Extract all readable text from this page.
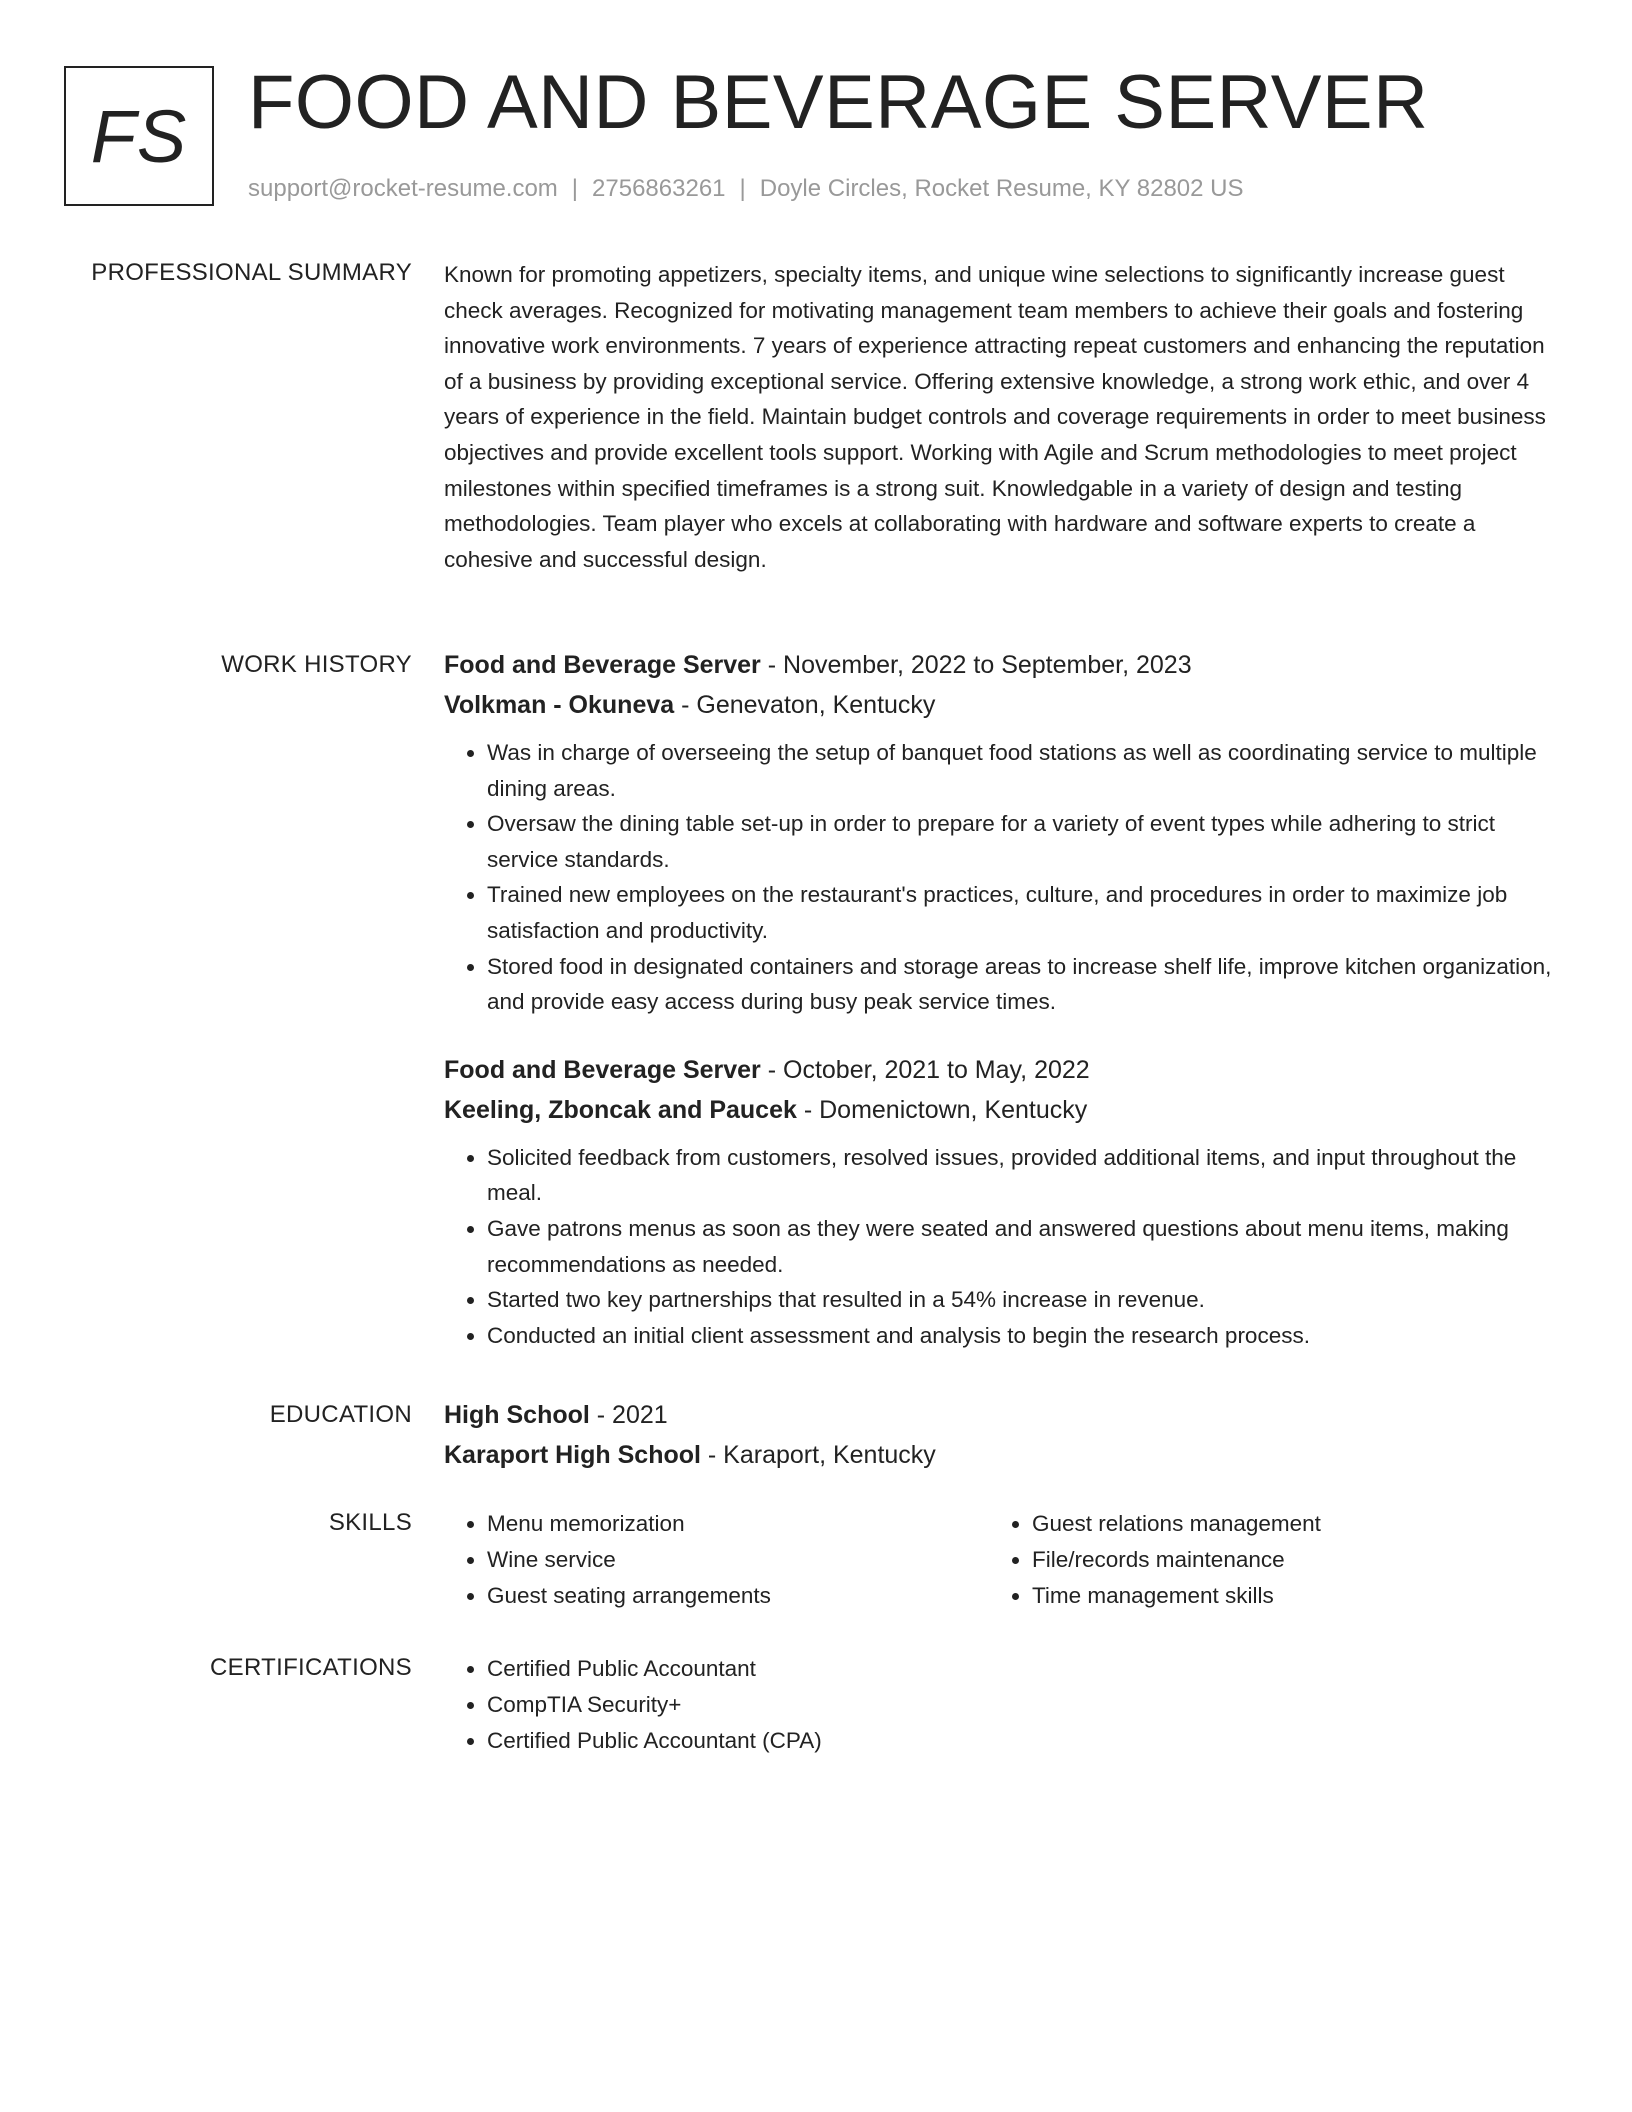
FS FOOD AND BEVERAGE SERVER
support@rocket-resume.com | 2756863261 | Doyle Circles, Rocket Resume, KY 82802 US
PROFESSIONAL SUMMARY Known for promoting appetizers, specialty items, and unique wine selections to significantly increase guest check averages. Recognized for motivating management team members to achieve their goals and fostering innovative work environments. 7 years of experience attracting repeat customers and enhancing the reputation of a business by providing exceptional service. Offering extensive knowledge, a strong work ethic, and over 4 years of experience in the field. Maintain budget controls and coverage requirements in order to meet business objectives and provide excellent tools support. Working with Agile and Scrum methodologies to meet project milestones within specified timeframes is a strong suit. Knowledgable in a variety of design and testing methodologies. Team player who excels at collaborating with hardware and software experts to create a cohesive and successful design.

WORK HISTORY Food and Beverage Server - November, 2022 to September, 2023
Volkman - Okuneva - Genevaton, Kentucky
• Was in charge of overseeing the setup of banquet food stations as well as coordinating service to multiple dining areas.
• Oversaw the dining table set-up in order to prepare for a variety of event types while adhering to strict service standards.
• Trained new employees on the restaurant's practices, culture, and procedures in order to maximize job satisfaction and productivity.
• Stored food in designated containers and storage areas to increase shelf life, improve kitchen organization, and provide easy access during busy peak service times.
Food and Beverage Server - October, 2021 to May, 2022
Keeling, Zboncak and Paucek - Domenictown, Kentucky
• Solicited feedback from customers, resolved issues, provided additional items, and input throughout the meal.
• Gave patrons menus as soon as they were seated and answered questions about menu items, making recommendations as needed.
• Started two key partnerships that resulted in a 54% increase in revenue.
• Conducted an initial client assessment and analysis to begin the research process.
EDUCATION High School - 2021
Karaport High School - Karaport, Kentucky
SKILLS	• Menu memorization
• Wine service
• Guest seating arrangements
• Guest relations management
• File/records maintenance
• Time management skills
CERTIFICATIONS	• Certified Public Accountant
• CompTIA Security+
• Certified Public Accountant (CPA)
